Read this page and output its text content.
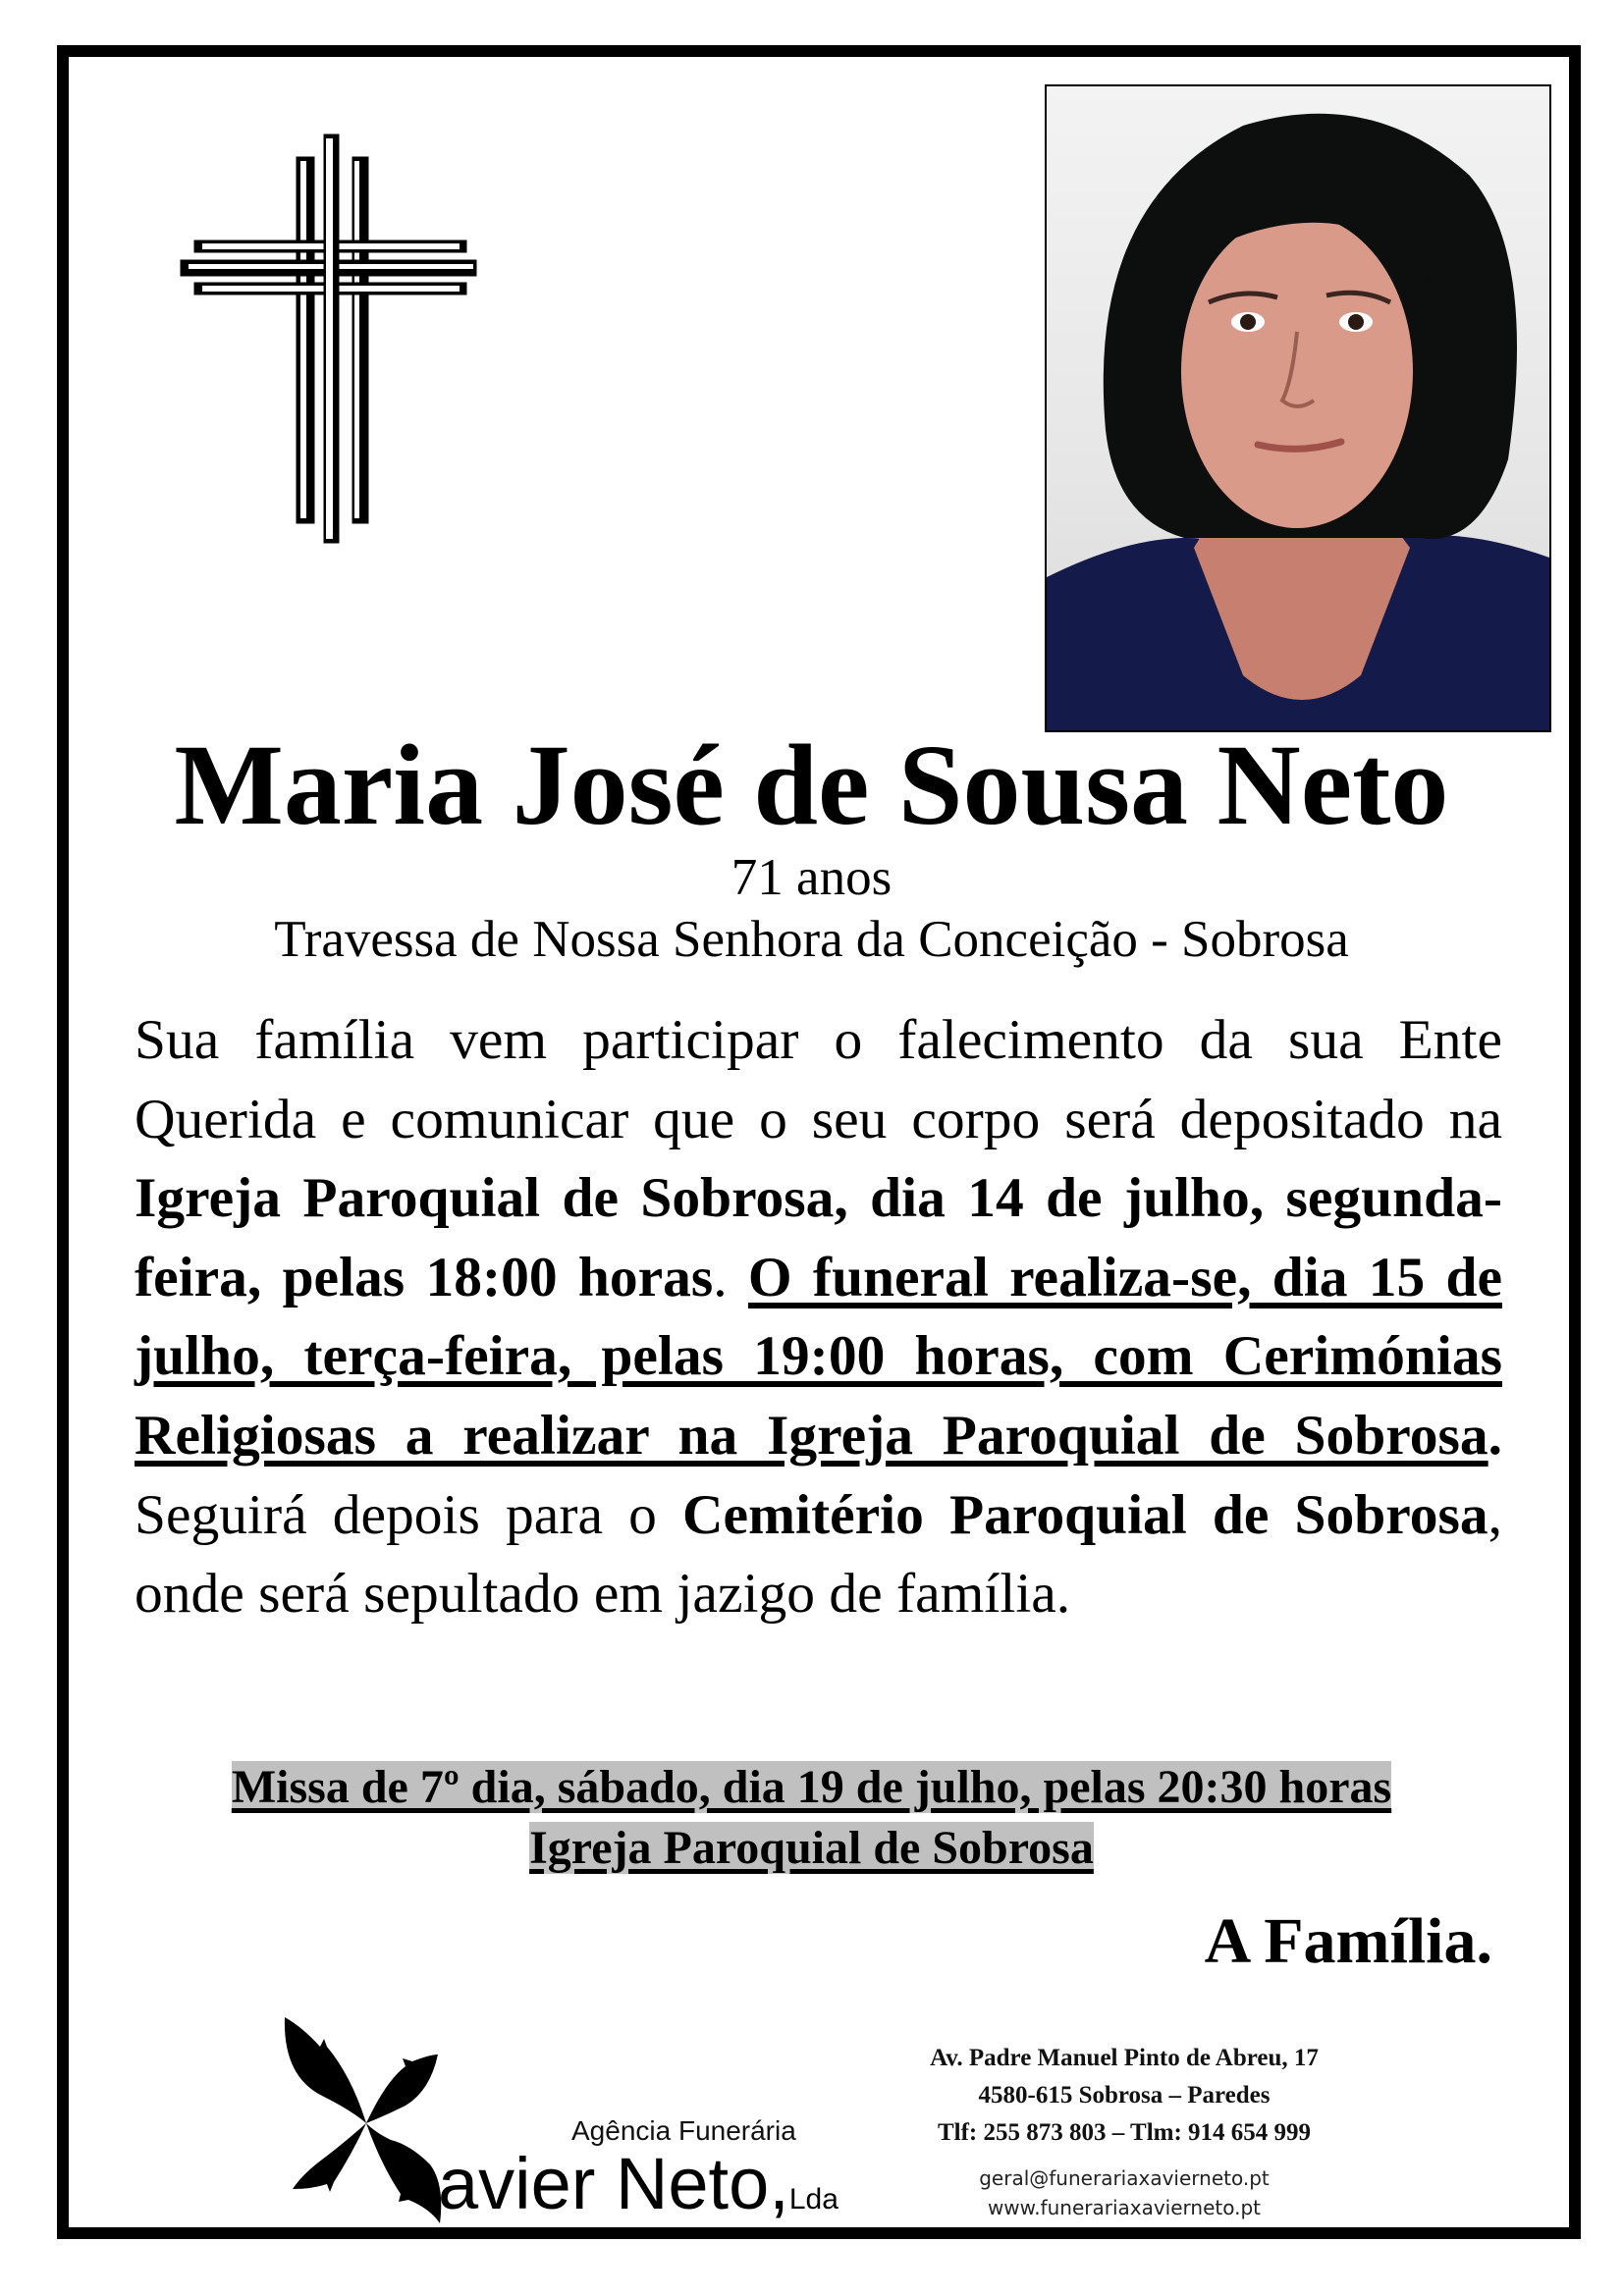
Maria José de Sousa Neto
71 anos
Travessa de Nossa Senhora da Conceição - Sobrosa
Sua família vem participar o falecimento da sua Ente Querida e comunicar que o seu corpo será depositado na Igreja Paroquial de Sobrosa, dia 14 de julho, segunda-feira, pelas 18:00 horas. O funeral realiza-se, dia 15 de julho, terça-feira, pelas 19:00 horas, com Cerimónias Religiosas a realizar na Igreja Paroquial de Sobrosa. Seguirá depois para o Cemitério Paroquial de Sobrosa, onde será sepultado em jazigo de família.
Missa de 7º dia, sábado, dia 19 de julho, pelas 20:30 horas
Igreja Paroquial de Sobrosa
A Família.
Agência Funerária
avier Neto,Lda
Av. Padre Manuel Pinto de Abreu, 17
4580-615 Sobrosa – Paredes
Tlf: 255 873 803 – Tlm: 914 654 999
geral@funerariaxavierneto.pt
www.funerariaxavierneto.pt
